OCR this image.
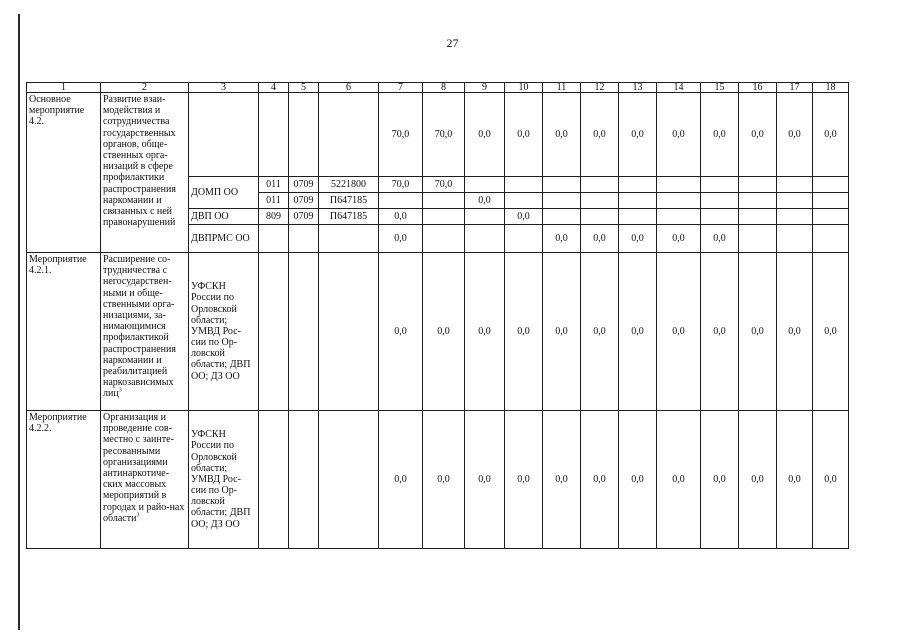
27
1	2	3	4	5	6	7	8	9	10	11	12	13	14	15	16	17	18
Основное мероприятие 4.2.	Развитие взаи-модействия и сотрудничества государственных органов, обще-ственных орга-низаций в сфере профилактики распространения наркомании и связанных с ней правонарушений					70,0	70,0	0,0	0,0	0,0	0,0	0,0	0,0	0,0	0,0	0,0	0,0
		ДОМП ОО	011	0709	5221800	70,0	70,0										
			011	0709	П647185			0,0									
		ДВП ОО	809	0709	П647185	0,0			0,0								
		ДВПРМС ОО				0,0				0,0	0,0	0,0	0,0	0,0			
Мероприятие 4.2.1.	Расширение со-трудничества с негосударствен-ными и обще-ственными орга-низациями, за-нимающимися профилактикой распространения наркомании и реабилитацией наркозависимых лиц$^3$	УФСКН России по Орловской области; УМВД Рос-сии по Ор-ловской области; ДВП ОО; ДЗ ОО				0,0	0,0	0,0	0,0	0,0	0,0	0,0	0,0	0,0	0,0	0,0	0,0
Мероприятие 4.2.2.	Организация и проведение сов-местно с заинте-ресованными организациями антинаркотиче-ских массовых мероприятий в городах и райо-нах области$^3$	УФСКН России по Орловской области; УМВД Рос-сии по Ор-ловской области; ДВП ОО; ДЗ ОО				0,0	0,0	0,0	0,0	0,0	0,0	0,0	0,0	0,0	0,0	0,0	0,0
